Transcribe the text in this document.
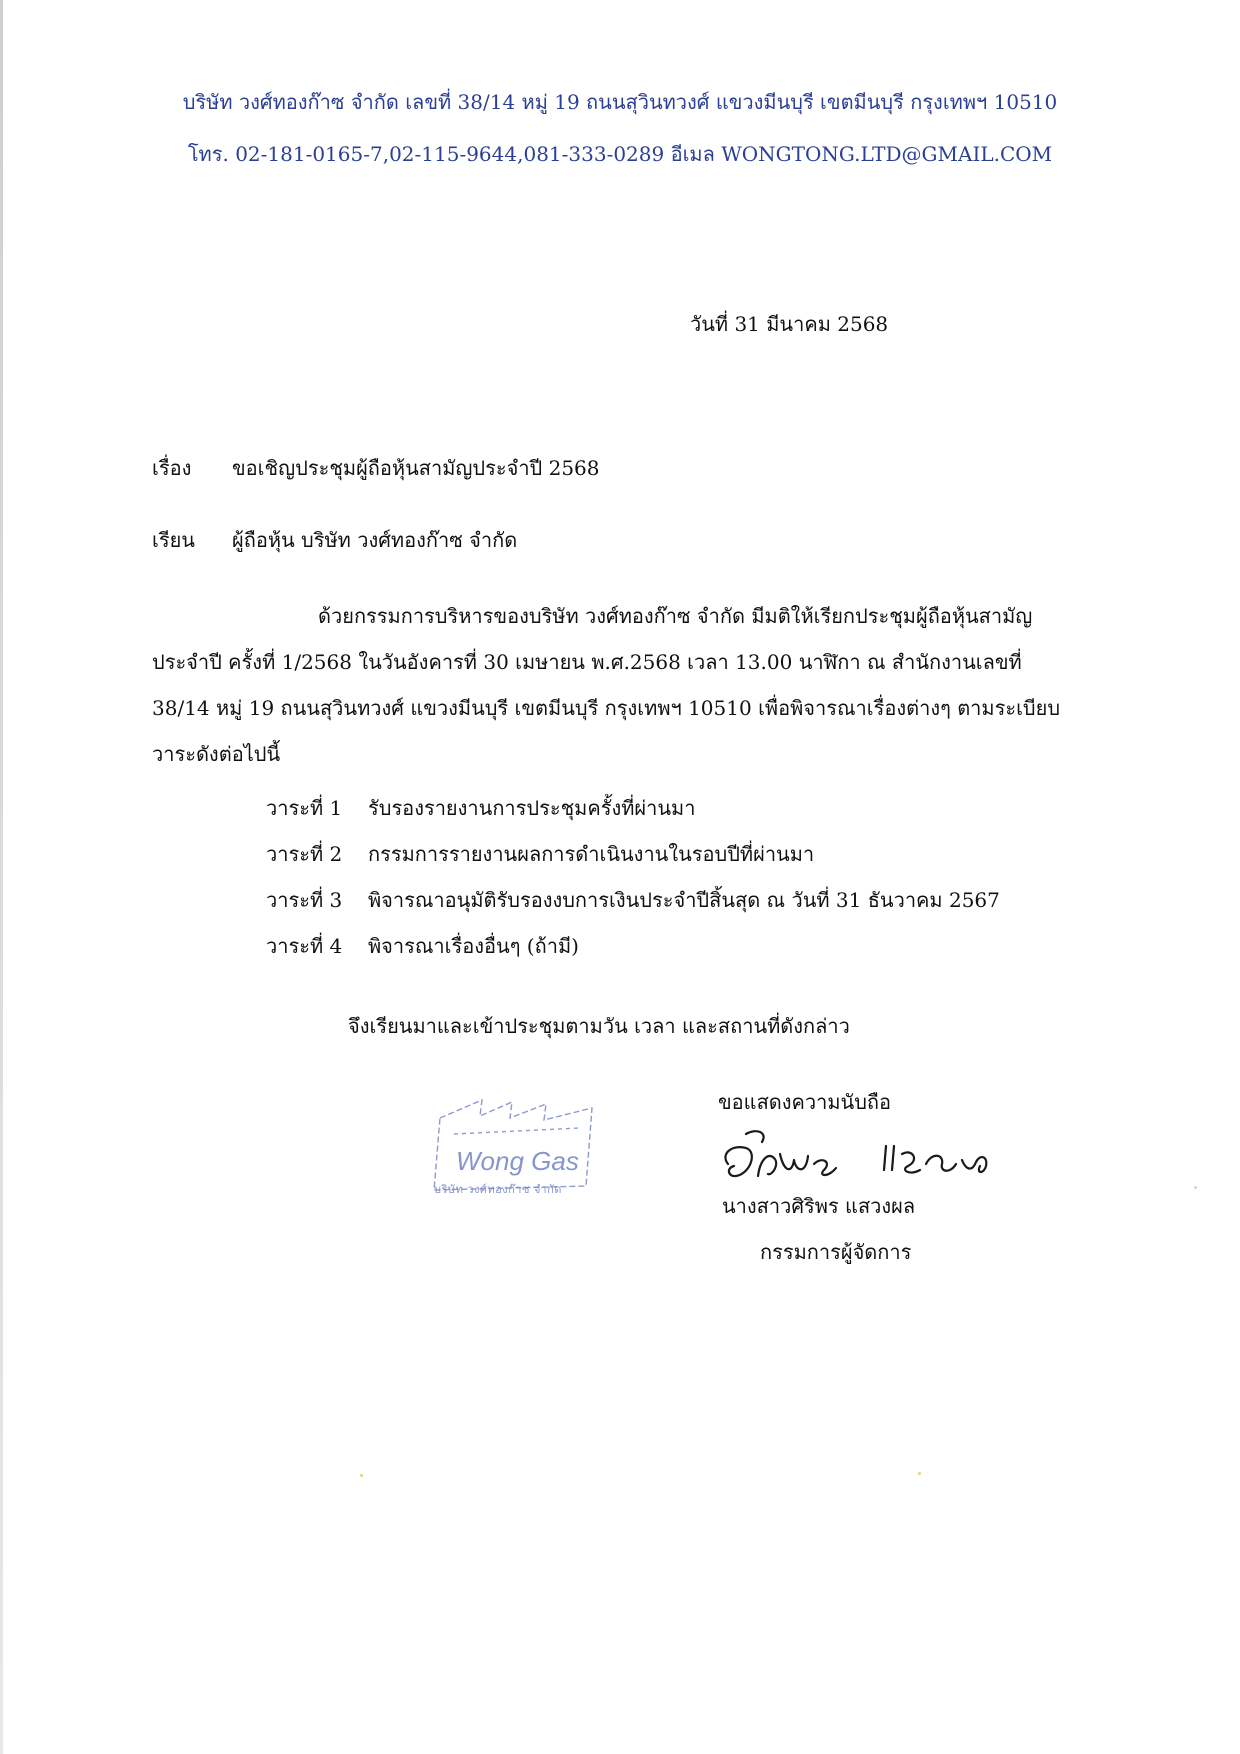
บริษัท วงศ์ทองก๊าซ จำกัด เลขที่ 38/14 หมู่ 19 ถนนสุวินทวงศ์ แขวงมีนบุรี เขตมีนบุรี กรุงเทพฯ 10510
โทร. 02-181-0165-7,02-115-9644,081-333-0289 อีเมล WONGTONG.LTD@GMAIL.COM
วันที่ 31 มีนาคม 2568
เรื่อง ขอเชิญประชุมผู้ถือหุ้นสามัญประจำปี 2568
เรียน ผู้ถือหุ้น บริษัท วงศ์ทองก๊าซ จำกัด
ด้วยกรรมการบริหารของบริษัท วงศ์ทองก๊าซ จำกัด มีมติให้เรียกประชุมผู้ถือหุ้นสามัญ
ประจำปี ครั้งที่ 1/2568 ในวันอังคารที่ 30 เมษายน พ.ศ.2568 เวลา 13.00 นาฬิกา ณ สำนักงานเลขที่
38/14 หมู่ 19 ถนนสุวินทวงศ์ แขวงมีนบุรี เขตมีนบุรี กรุงเทพฯ 10510 เพื่อพิจารณาเรื่องต่างๆ ตามระเบียบ
วาระดังต่อไปนี้
วาระที่ 1 รับรองรายงานการประชุมครั้งที่ผ่านมา
วาระที่ 2 กรรมการรายงานผลการดำเนินงานในรอบปีที่ผ่านมา
วาระที่ 3 พิจารณาอนุมัติรับรองงบการเงินประจำปีสิ้นสุด ณ วันที่ 31 ธันวาคม 2567
วาระที่ 4 พิจารณาเรื่องอื่นๆ (ถ้ามี)
จึงเรียนมาและเข้าประชุมตามวัน เวลา และสถานที่ดังกล่าว
ขอแสดงความนับถือ
Wong Gas
บริษัท วงศ์ทองก๊าซ จำกัด
นางสาวศิริพร แสวงผล
กรรมการผู้จัดการ
